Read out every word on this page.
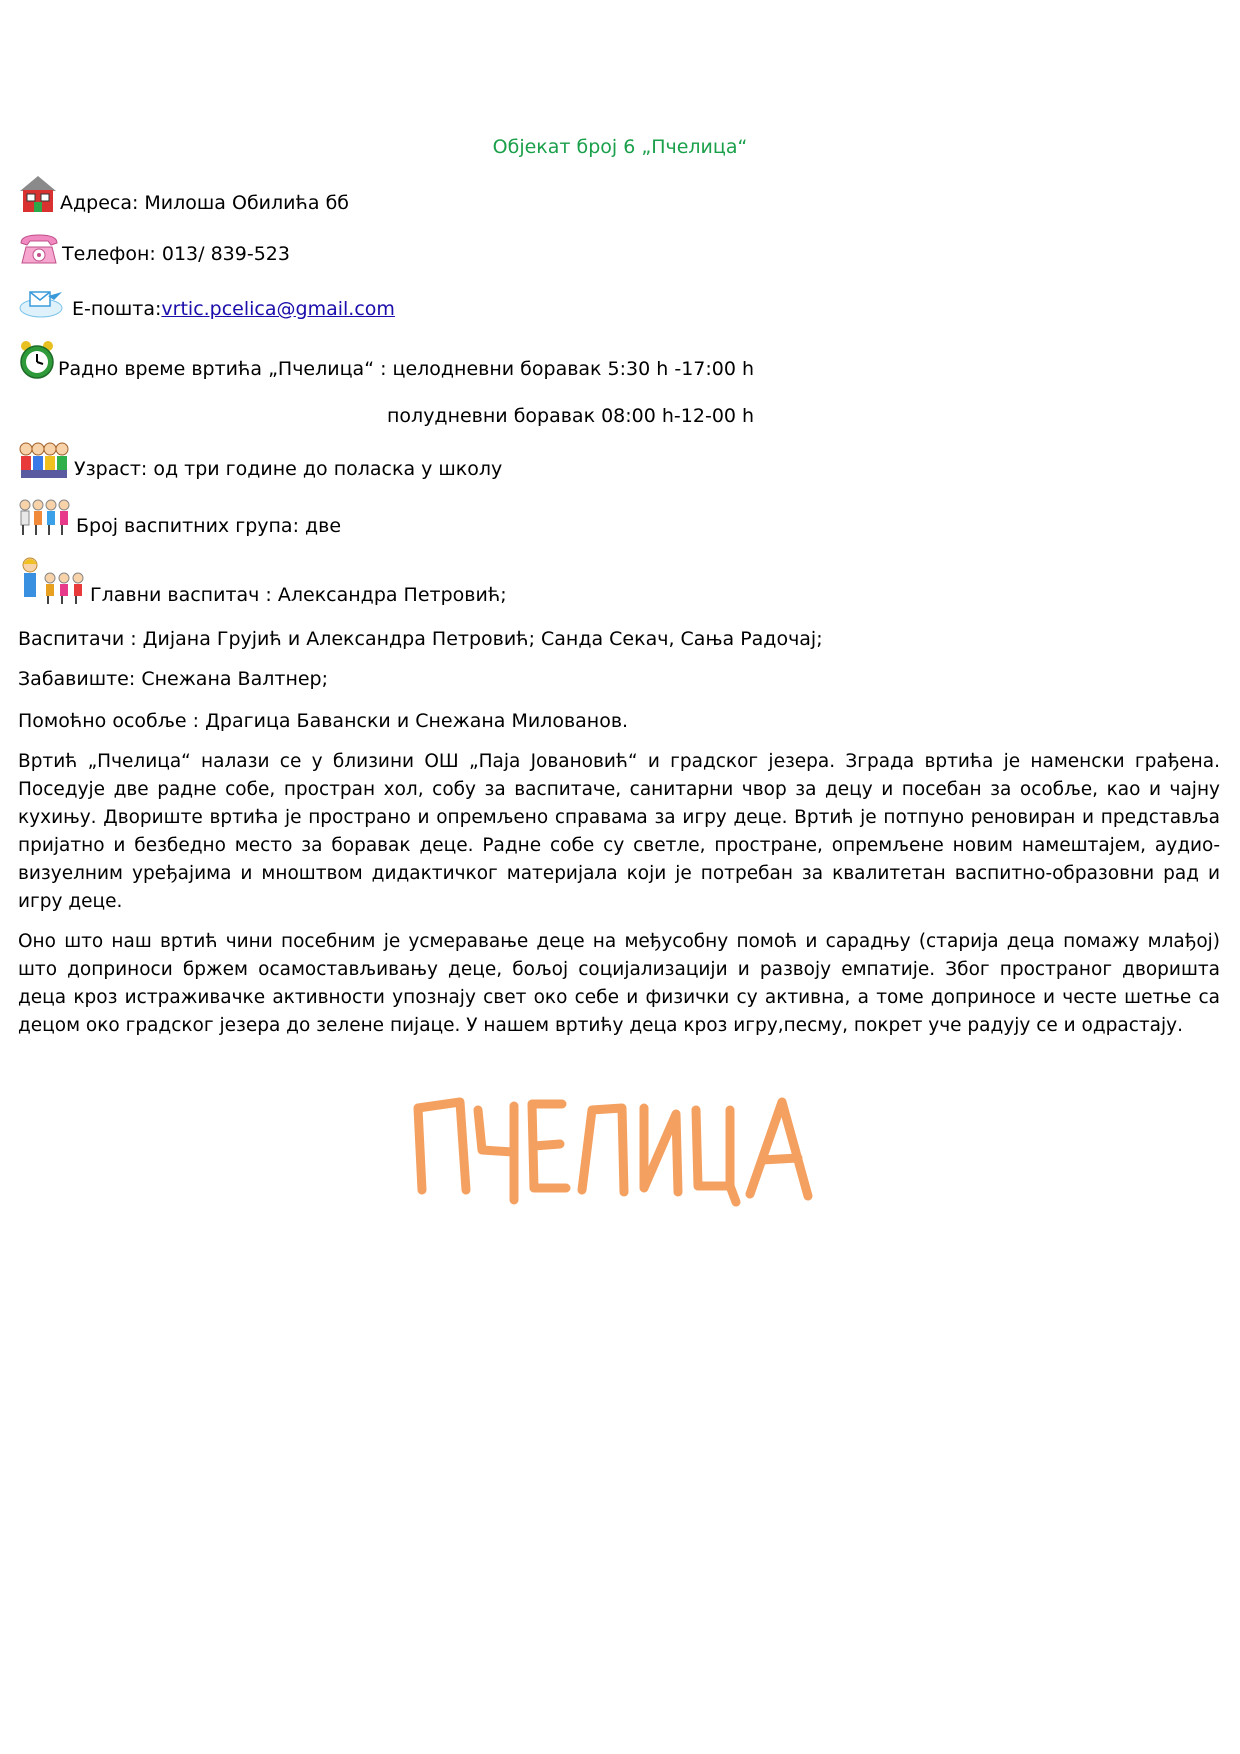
Објекат број 6 „Пчелица“
Адреса: Милоша Обилића бб
Телефон: 013/ 839-523
Е-пошта: vrtic.pcelica@gmail.com
Радно време вртића „Пчелица“ : целодневни боравак 5:30 h -17:00 h
полудневни боравак 08:00 h-12-00 h
Узраст: од три године до поласка у школу
Број васпитних група: две
Главни васпитач : Александра Петровић;
Васпитачи : Дијана Грујић и Александра Петровић; Санда Секач, Сања Радочај;
Забавиште: Снежана Валтнер;
Помоћно особље : Драгица Бавански и Снежана Милованов.
Вртић „Пчелица“ налази се у близини ОШ „Паја Јовановић“ и градског језера. Зграда вртића је наменски грађена. Поседује две радне собе, простран хол, собу за васпитаче, санитарни чвор за децу и посебан за особље, као и чајну кухињу. Двориште вртића је пространo и опремљено справама за игру деце. Вртић је потпуно реновиран и представља пријатно и безбедно место за боравак деце. Радне собе су светле, простране, опремљене новим намештајем, аудио-визуелним уређајима и мноштвом дидактичког материјала који је потребан за квалитетан васпитно-образовни рад и игру деце.
Оно што наш вртић чини посебним је усмеравање деце на међусобну помоћ и сарадњу (старија деца помажу млађој) што доприноси бржем осамостављивању деце, бољој социјализацији и развоју емпатије. Због пространог дворишта деца кроз истраживачке активности упознају свет око себе и физички су активна, а томе доприносе и честе шетње са децом око градског језера до зелене пијаце. У нашем вртићу деца кроз игру,песму, покрет уче радују се и одрастају.
